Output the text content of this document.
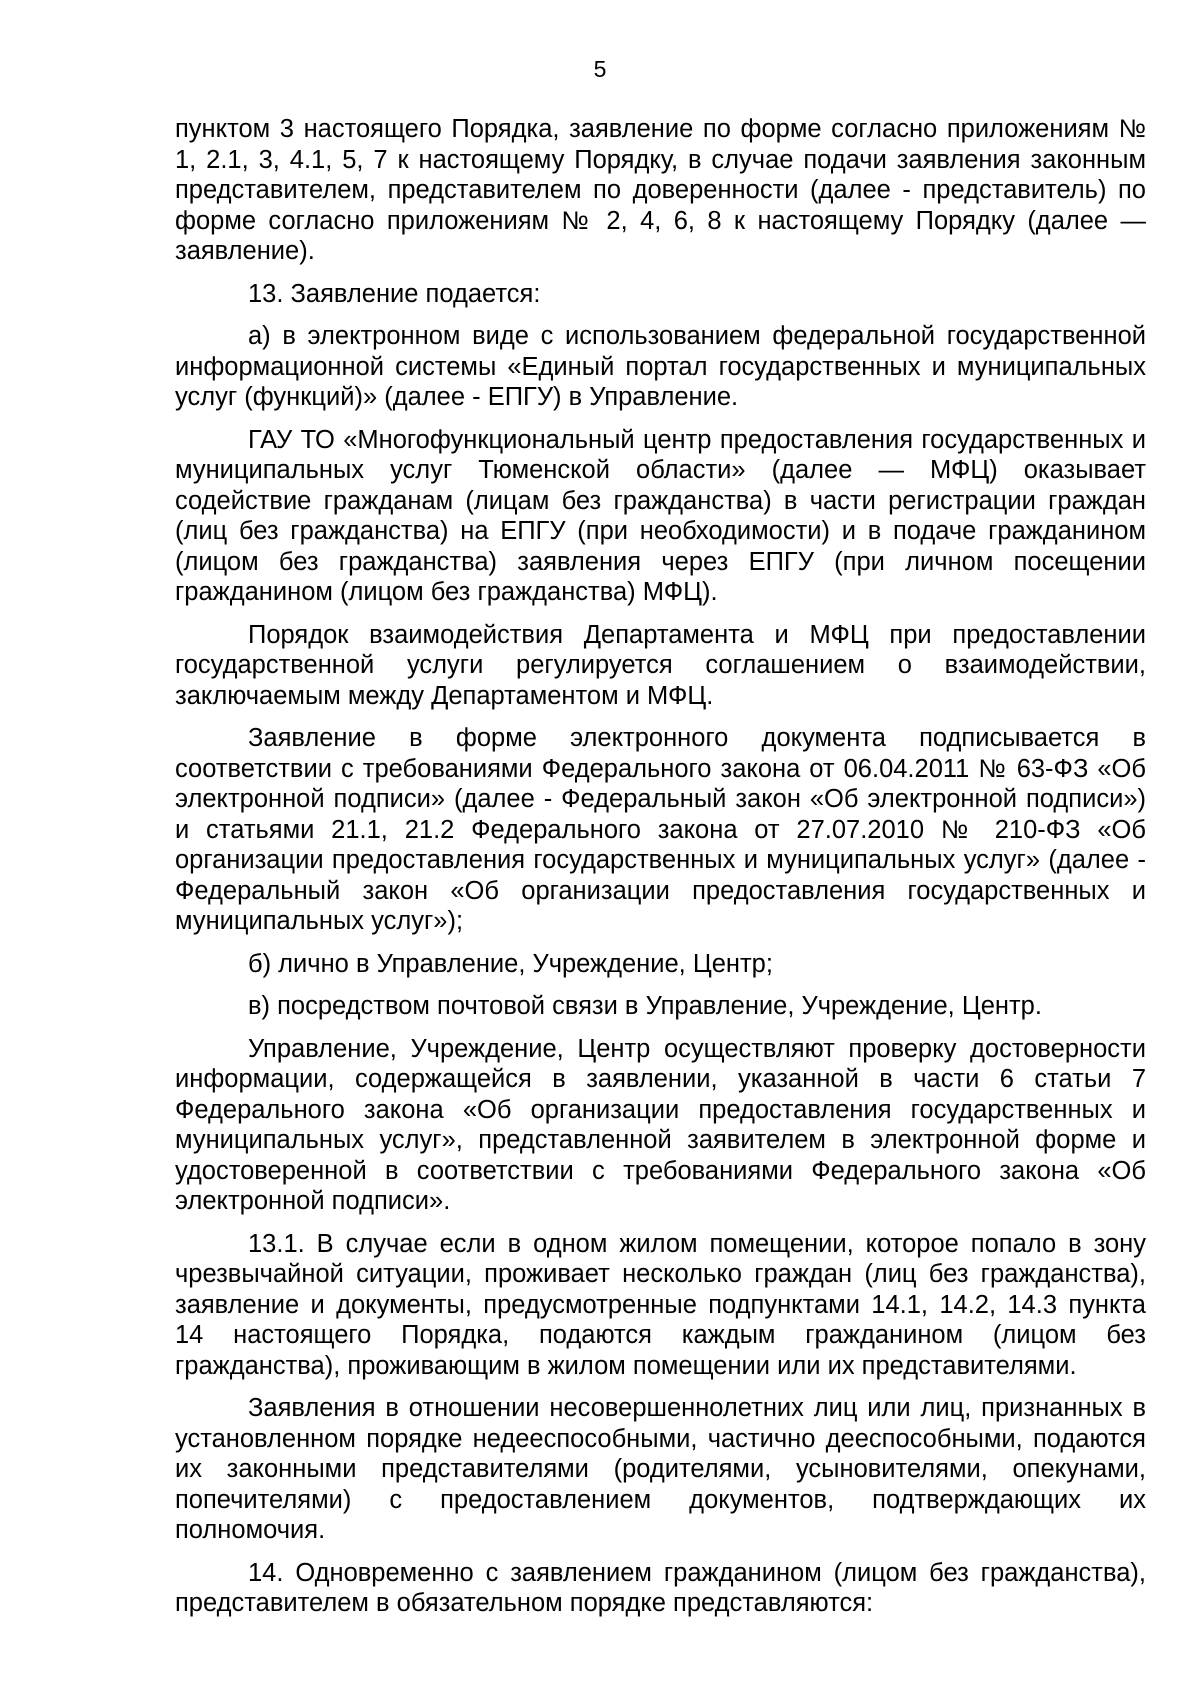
5

пунктом 3 настоящего Порядка, заявление по форме согласно приложениям № 1, 2.1, 3, 4.1, 5, 7 к настоящему Порядку, в случае подачи заявления законным представителем, представителем по доверенности (далее - представитель) по форме согласно приложениям № 2, 4, 6, 8 к настоящему Порядку (далее — заявление).

13. Заявление подается:

а) в электронном виде с использованием федеральной государственной информационной системы «Единый портал государственных и муниципальных услуг (функций)» (далее - ЕПГУ) в Управление.

ГАУ ТО «Многофункциональный центр предоставления государственных и муниципальных услуг Тюменской области» (далее — МФЦ) оказывает содействие гражданам (лицам без гражданства) в части регистрации граждан (лиц без гражданства) на ЕПГУ (при необходимости) и в подаче гражданином (лицом без гражданства) заявления через ЕПГУ (при личном посещении гражданином (лицом без гражданства) МФЦ).

Порядок взаимодействия Департамента и МФЦ при предоставлении государственной услуги регулируется соглашением о взаимодействии, заключаемым между Департаментом и МФЦ.

Заявление в форме электронного документа подписывается в соответствии с требованиями Федерального закона от 06.04.2011 № 63-ФЗ «Об электронной подписи» (далее - Федеральный закон «Об электронной подписи») и статьями 21.1, 21.2 Федерального закона от 27.07.2010 № 210-ФЗ «Об организации предоставления государственных и муниципальных услуг» (далее - Федеральный закон «Об организации предоставления государственных и муниципальных услуг»);

б) лично в Управление, Учреждение, Центр;

в) посредством почтовой связи в Управление, Учреждение, Центр.

Управление, Учреждение, Центр осуществляют проверку достоверности информации, содержащейся в заявлении, указанной в части 6 статьи 7 Федерального закона «Об организации предоставления государственных и муниципальных услуг», представленной заявителем в электронной форме и удостоверенной в соответствии с требованиями Федерального закона «Об электронной подписи».

13.1. В случае если в одном жилом помещении, которое попало в зону чрезвычайной ситуации, проживает несколько граждан (лиц без гражданства), заявление и документы, предусмотренные подпунктами 14.1, 14.2, 14.3 пункта 14 настоящего Порядка, подаются каждым гражданином (лицом без гражданства), проживающим в жилом помещении или их представителями.

Заявления в отношении несовершеннолетних лиц или лиц, признанных в установленном порядке недееспособными, частично дееспособными, подаются их законными представителями (родителями, усыновителями, опекунами, попечителями) с предоставлением документов, подтверждающих их полномочия.

14. Одновременно с заявлением гражданином (лицом без гражданства), представителем в обязательном порядке представляются:
